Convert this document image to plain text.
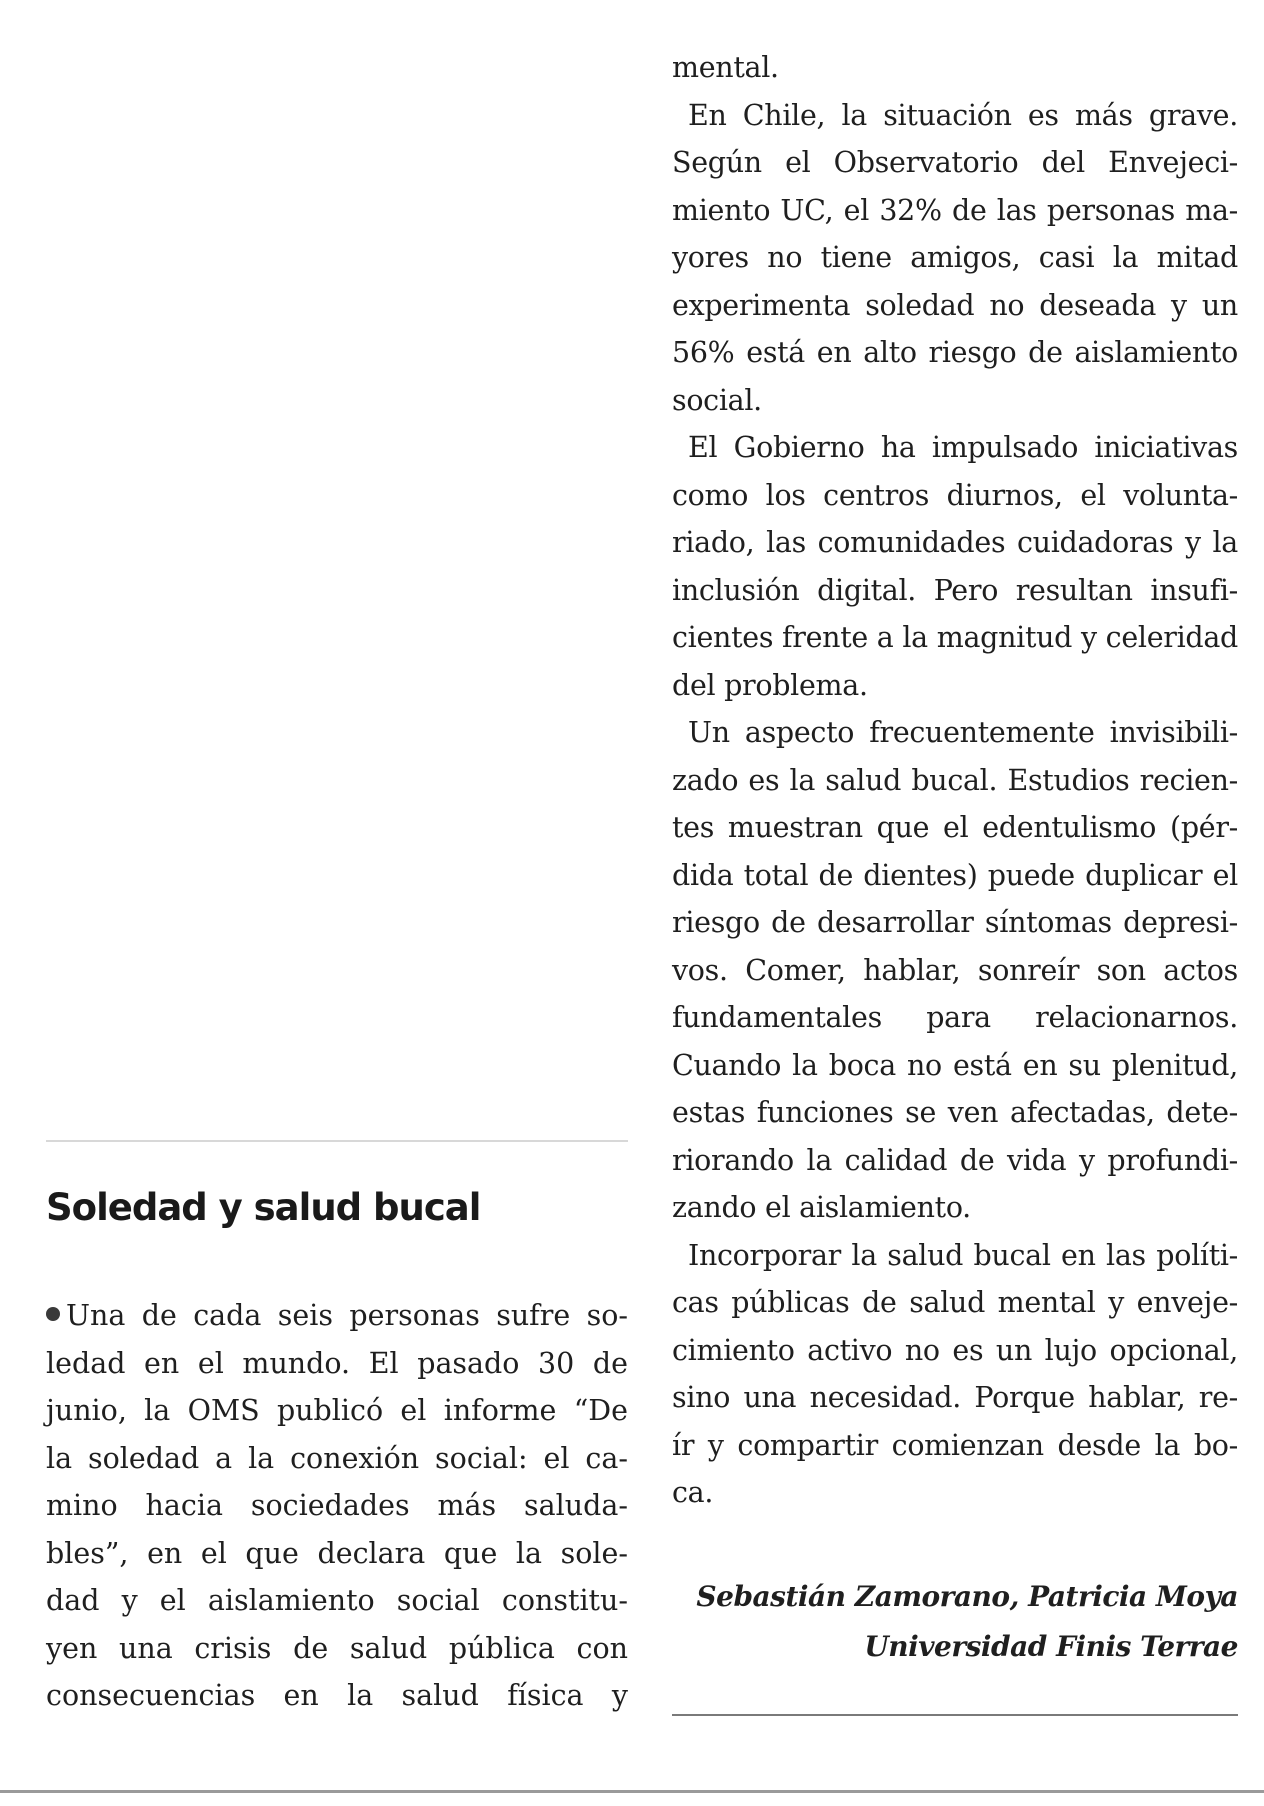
Soledad y salud bucal
Una de cada seis personas sufre so-
ledad en el mundo. El pasado 30 de
junio, la OMS publicó el informe “De
la soledad a la conexión social: el ca-
mino hacia sociedades más saluda-
bles”, en el que declara que la sole-
dad y el aislamiento social constitu-
yen una crisis de salud pública con
consecuencias en la salud física y
mental.
En Chile, la situación es más grave.
Según el Observatorio del Envejeci-
miento UC, el 32% de las personas ma-
yores no tiene amigos, casi la mitad
experimenta soledad no deseada y un
56% está en alto riesgo de aislamiento
social.
El Gobierno ha impulsado iniciativas
como los centros diurnos, el volunta-
riado, las comunidades cuidadoras y la
inclusión digital. Pero resultan insufi-
cientes frente a la magnitud y celeridad
del problema.
Un aspecto frecuentemente invisibili-
zado es la salud bucal. Estudios recien-
tes muestran que el edentulismo (pér-
dida total de dientes) puede duplicar el
riesgo de desarrollar síntomas depresi-
vos. Comer, hablar, sonreír son actos
fundamentales para relacionarnos.
Cuando la boca no está en su plenitud,
estas funciones se ven afectadas, dete-
riorando la calidad de vida y profundi-
zando el aislamiento.
Incorporar la salud bucal en las políti-
cas públicas de salud mental y enveje-
cimiento activo no es un lujo opcional,
sino una necesidad. Porque hablar, re-
ír y compartir comienzan desde la bo-
ca.
Sebastián Zamorano, Patricia Moya
Universidad Finis Terrae
